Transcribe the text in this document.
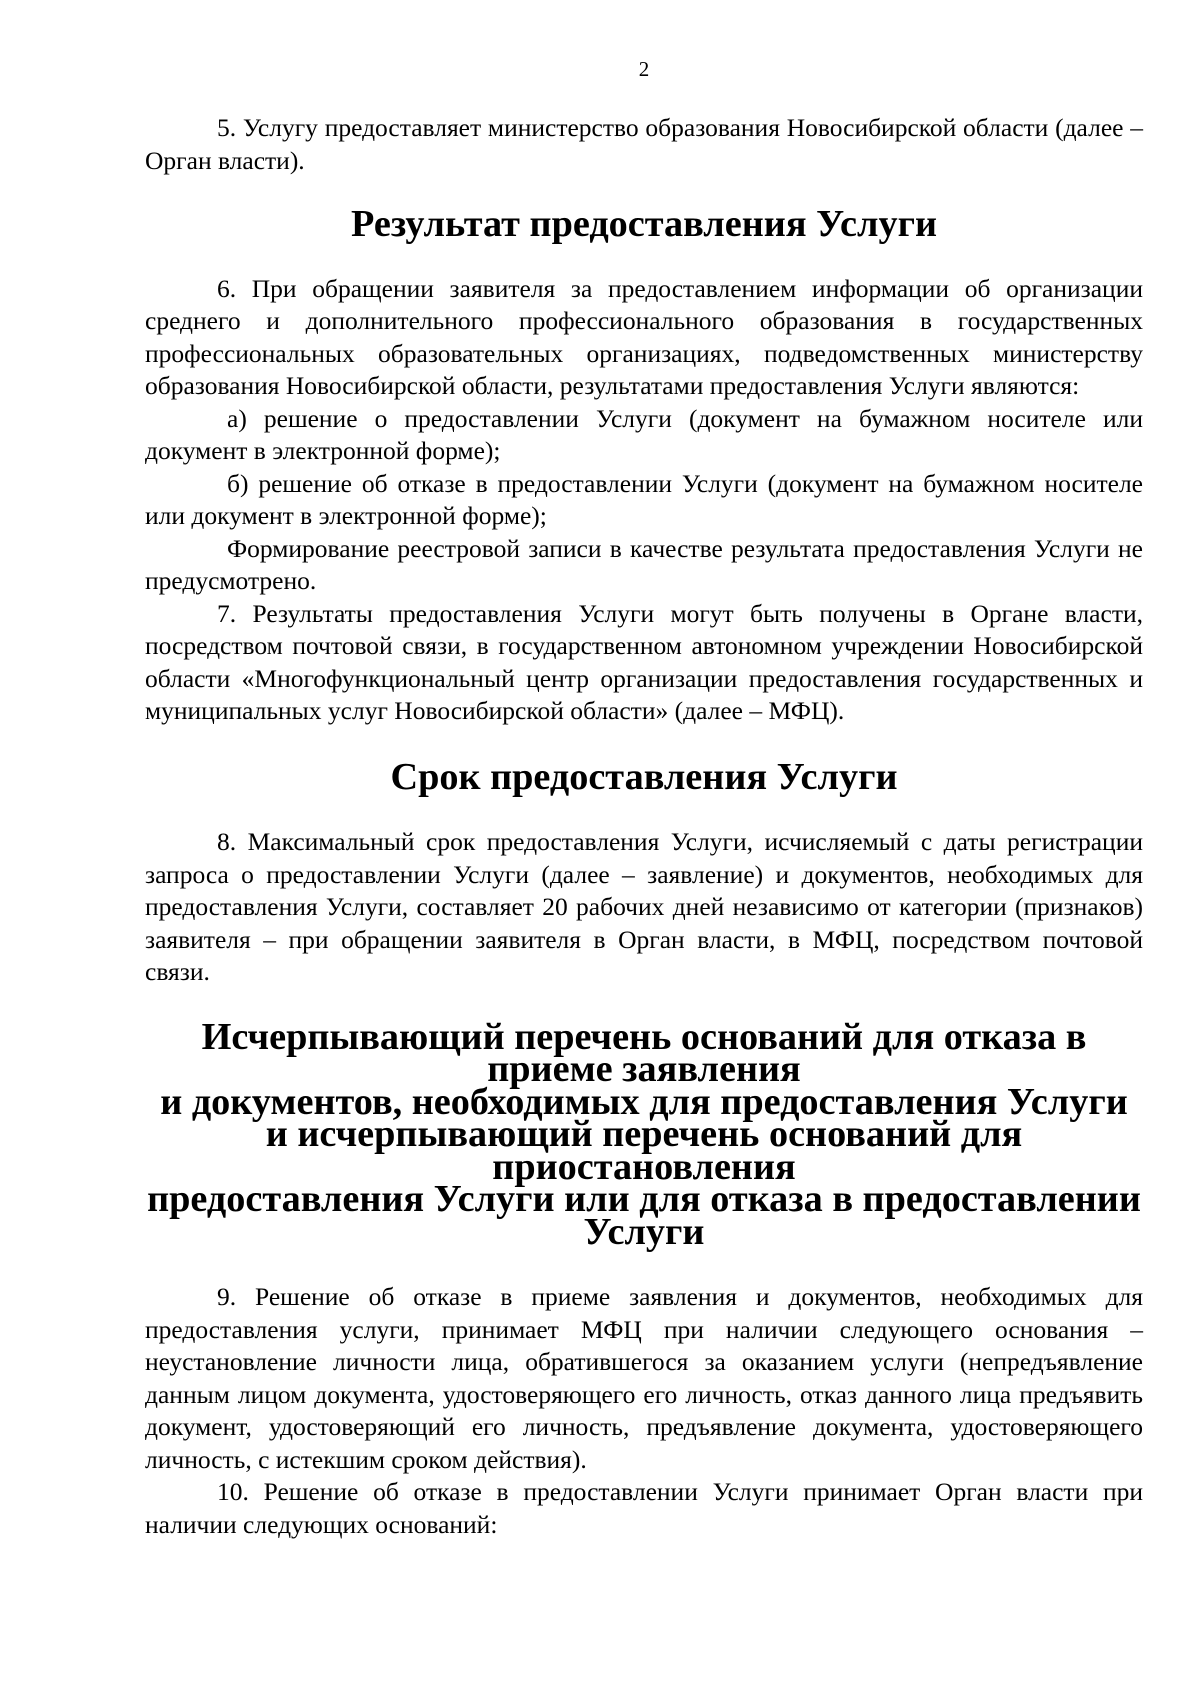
2

5. Услугу предоставляет министерство образования Новосибирской области (далее – Орган власти).

Результат предоставления Услуги

6. При обращении заявителя за предоставлением информации об организации среднего и дополнительного профессионального образования в государственных профессиональных образовательных организациях, подведомственных министерству образования Новосибирской области, результатами предоставления Услуги являются:

а) решение о предоставлении Услуги (документ на бумажном носителе или документ в электронной форме);

б) решение об отказе в предоставлении Услуги (документ на бумажном носителе или документ в электронной форме);

Формирование реестровой записи в качестве результата предоставления Услуги не предусмотрено.

7. Результаты предоставления Услуги могут быть получены в Органе власти, посредством почтовой связи, в государственном автономном учреждении Новосибирской области «Многофункциональный центр организации предоставления государственных и муниципальных услуг Новосибирской области» (далее – МФЦ).

Срок предоставления Услуги

8. Максимальный срок предоставления Услуги, исчисляемый с даты регистрации запроса о предоставлении Услуги (далее – заявление) и документов, необходимых для предоставления Услуги, составляет 20 рабочих дней независимо от категории (признаков) заявителя – при обращении заявителя в Орган власти, в МФЦ, посредством почтовой связи.

Исчерпывающий перечень оснований для отказа в приеме заявления
и документов, необходимых для предоставления Услуги
и исчерпывающий перечень оснований для приостановления
предоставления Услуги или для отказа в предоставлении Услуги

9. Решение об отказе в приеме заявления и документов, необходимых для предоставления услуги, принимает МФЦ при наличии следующего основания – неустановление личности лица, обратившегося за оказанием услуги (непредъявление данным лицом документа, удостоверяющего его личность, отказ данного лица предъявить документ, удостоверяющий его личность, предъявление документа, удостоверяющего личность, с истекшим сроком действия).

10. Решение об отказе в предоставлении Услуги принимает Орган власти при наличии следующих оснований:
